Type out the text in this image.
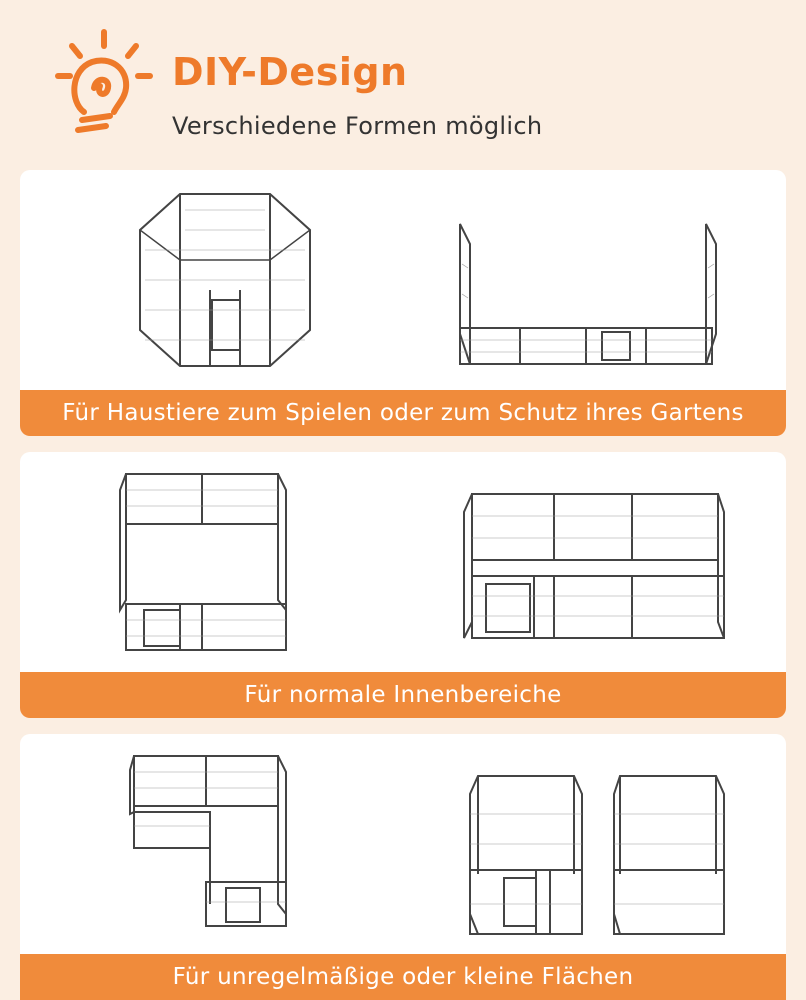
DIY-Design
Verschiedene Formen möglich
Für Haustiere zum Spielen oder zum Schutz ihres Gartens
Für normale Innenbereiche
Für unregelmäßige oder kleine Flächen
